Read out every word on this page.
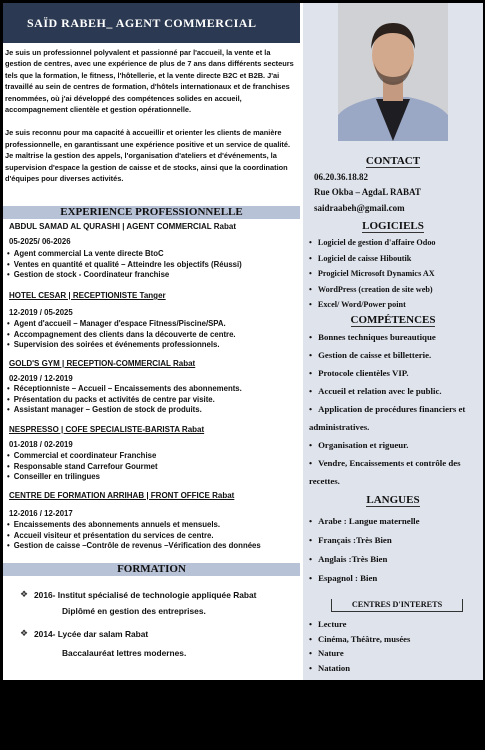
SAÏD RABEH_ AGENT COMMERCIAL

Je suis un professionnel polyvalent et passionné par l'accueil, la vente et la gestion de centres, avec une expérience de plus de 7 ans dans différents secteurs tels que la formation, le fitness, l'hôtellerie, et la vente directe B2C et B2B. J'ai travaillé au sein de centres de formation, d'hôtels internationaux et de franchises renommées, où j'ai développé des compétences solides en accueil, accompagnement clientèle et gestion opérationnelle.

Je suis reconnu pour ma capacité à accueillir et orienter les clients de manière professionnelle, en garantissant une expérience positive et un service de qualité. Je maîtrise la gestion des appels, l'organisation d'ateliers et d'événements, la supervision d'espace la gestion de caisse et de stocks, ainsi que la coordination d'équipes pour diverses activités.

EXPERIENCE PROFESSIONNELLE
ABDUL SAMAD AL QURASHI | AGENT COMMERCIAL Rabat
05-2025/ 06-2026
• Agent commercial La vente directe BtoC
• Ventes en quantité et qualité – Atteindre les objectifs (Réussi)
• Gestion de stock - Coordinateur franchise
HOTEL CESAR | RECEPTIONISTE Tanger
12-2019 / 05-2025
• Agent d'accueil – Manager d'espace Fitness/Piscine/SPA.
• Accompagnement des clients dans la découverte de centre.
• Supervision des soirées et événements professionnels.
GOLD'S GYM | RECEPTION-COMMERCIAL Rabat
02-2019 / 12-2019
• Réceptionniste – Accueil – Encaissements des abonnements.
• Présentation du packs et activités de centre par visite.
• Assistant manager – Gestion de stock de produits.
NESPRESSO | COFE SPECIALISTE-BARISTA Rabat
01-2018 / 02-2019
• Commercial et coordinateur Franchise
• Responsable stand Carrefour Gourmet
• Conseiller en trilingues
CENTRE DE FORMATION ARRIHAB | FRONT OFFICE Rabat
12-2016 / 12-2017
• Encaissements des abonnements annuels et mensuels.
• Accueil visiteur et présentation du services de centre.
• Gestion de caisse –Contrôle de revenus –Vérification des données
FORMATION
❖ 2016- Institut spécialisé de technologie appliquée Rabat
Diplômé en gestion des entreprises.
❖ 2014- Lycée dar salam Rabat
Baccalauréat lettres modernes.
CONTACT
06.20.36.18.82
Rue Okba – AgdaL RABAT
saidraabeh@gmail.com
LOGICIELS
• Logiciel de gestion d'affaire Odoo
• Logiciel de caisse Hiboutik
• Progiciel Microsoft Dynamics AX
• WordPress (creation de site web)
• Excel/ Word/Power point
COMPÉTENCES
• Bonnes techniques bureautique
• Gestion de caisse et billetterie.
• Protocole clientèles VIP.
• Accueil et relation avec le public.
• Application de procédures financiers et administratives.
• Organisation et rigueur.
• Vendre, Encaissements et contrôle des recettes.
LANGUES
• Arabe : Langue maternelle
• Français :Très Bien
• Anglais :Très Bien
• Espagnol : Bien
CENTRES D'INTERETS
• Lecture
• Cinéma, Théâtre, musées
• Nature
• Natation
